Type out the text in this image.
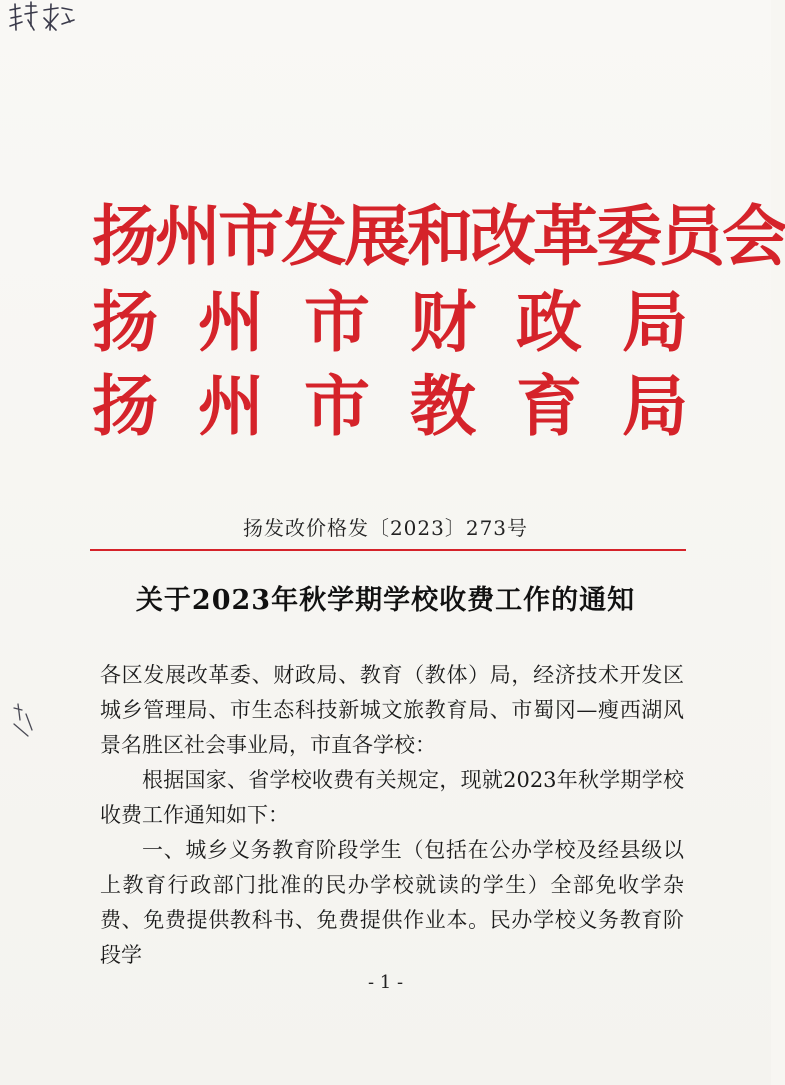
扬州市发展和改革委员会
扬 州 市 财 政 局
扬 州 市 教 育 局
扬发改价格发〔2023〕273号
关于2023年秋学期学校收费工作的通知

各区发展改革委、财政局、教育（教体）局，经济技术开发区城乡管理局、市生态科技新城文旅教育局、市蜀冈—瘦西湖风景名胜区社会事业局，市直各学校：

根据国家、省学校收费有关规定，现就2023年秋学期学校收费工作通知如下：

一、城乡义务教育阶段学生（包括在公办学校及经县级以上教育行政部门批准的民办学校就读的学生）全部免收学杂费、免费提供教科书、免费提供作业本。民办学校义务教育阶段学

- 1 -
